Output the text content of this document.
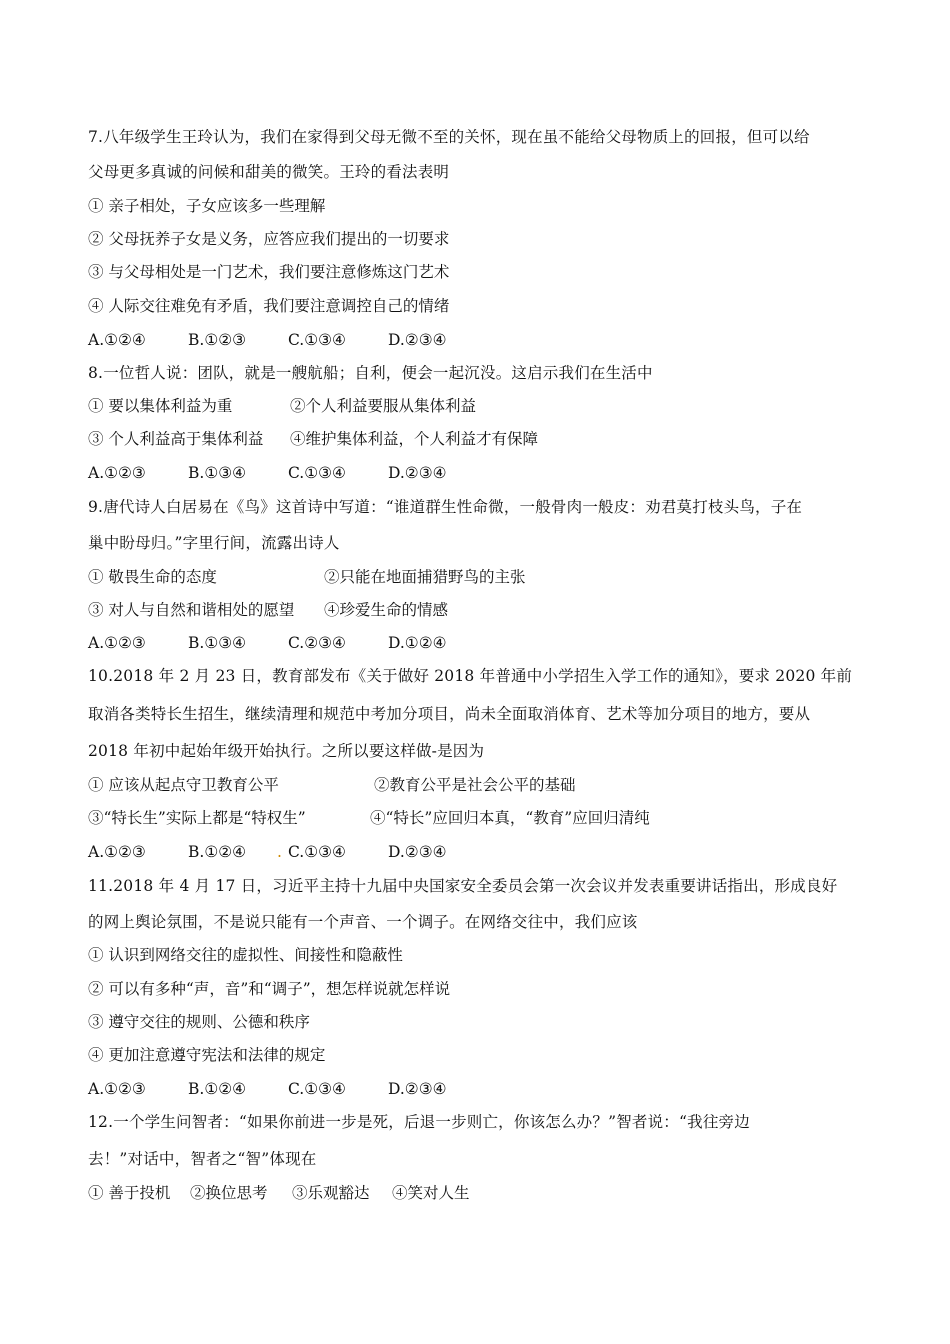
7.八年级学生王玲认为，我们在家得到父母无微不至的关怀，现在虽不能给父母物质上的回报，但可以给
父母更多真诚的问候和甜美的微笑。王玲的看法表明
① 亲子相处，子女应该多一些理解
② 父母抚养子女是义务，应答应我们提出的一切要求
③ 与父母相处是一门艺术，我们要注意修炼这门艺术
④ 人际交往难免有矛盾，我们要注意调控自己的情绪
A.①②④	B.①②③	C.①③④	D.②③④
8.一位哲人说：团队，就是一艘航船；自利，便会一起沉没。这启示我们在生活中
① 要以集体利益为重	②个人利益要服从集体利益
③ 个人利益高于集体利益 ④维护集体利益，个人利益才有保障
A.①②③	B.①③④	C.①③④	D.②③④
9.唐代诗人白居易在《鸟》这首诗中写道：“谁道群生性命微，一般骨肉一般皮：劝君莫打枝头鸟，子在
巢中盼母归。”字里行间，流露出诗人
① 敬畏生命的态度	②只能在地面捕猎野鸟的主张
③ 对人与自然和谐相处的愿望 ④珍爱生命的情感
A.①②③	B.①③④	C.②③④	D.①②④
10.2018 年 2 月 23 日，教育部发布《关于做好 2018 年普通中小学招生入学工作的通知》，要求 2020 年前
取消各类特长生招生，继续清理和规范中考加分项目，尚未全面取消体育、艺术等加分项目的地方，要从
2018 年初中起始年级开始执行。之所以要这样做-是因为
① 应该从起点守卫教育公平	②教育公平是社会公平的基础
③“特长生”实际上都是“特权生”	④“特长”应回归本真，“教育”应回归清纯
A.①②③	B.①②④ . C.①③④	D.②③④
11.2018 年 4 月 17 日，习近平主持十九届中央国家安全委员会第一次会议并发表重要讲话指出，形成良好
的网上舆论氛围，不是说只能有一个声音、一个调子。在网络交往中，我们应该
① 认识到网络交往的虚拟性、间接性和隐蔽性
② 可以有多种“声，音”和“调子”，想怎样说就怎样说
③ 遵守交往的规则、公德和秩序
④ 更加注意遵守宪法和法律的规定
A.①②③	B.①②④	C.①③④	D.②③④
12.一个学生问智者：“如果你前进一步是死，后退一步则亡，你该怎么办？”智者说：“我往旁边
去！”对话中，智者之“智”体现在
① 善于投机 ②换位思考 ③乐观豁达 ④笑对人生
